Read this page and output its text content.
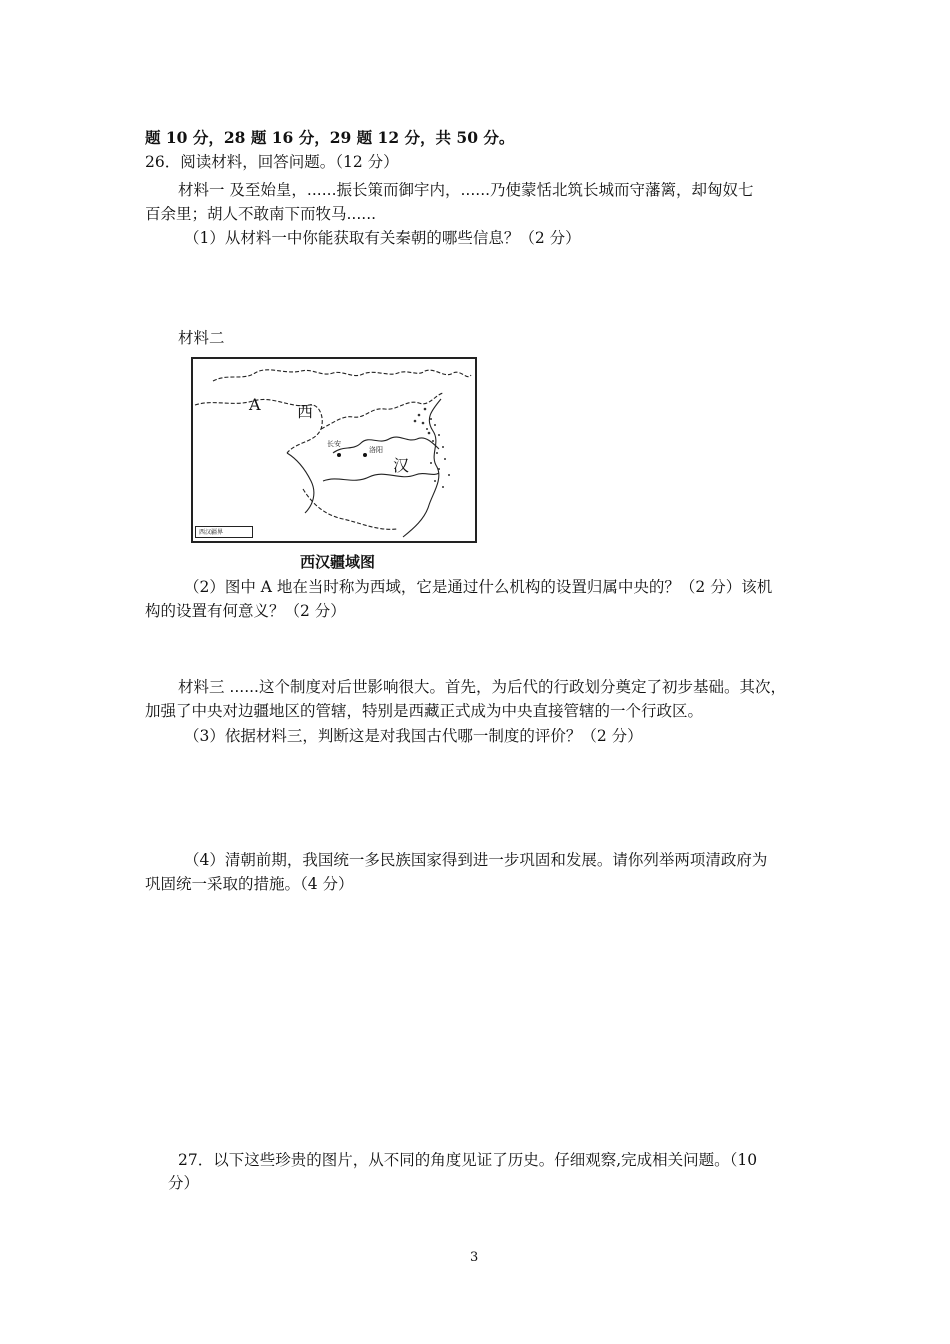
题 10 分，28 题 16 分，29 题 12 分，共 50 分。
26．阅读材料，回答问题。（12 分）
材料一 及至始皇，......振长策而御宇内，......乃使蒙恬北筑长城而守藩篱，却匈奴七
百余里；胡人不敢南下而牧马......
（1）从材料一中你能获取有关秦朝的哪些信息？（2 分）
材料二
A 西
汉
长安
洛阳
西汉疆界
西汉疆域图
（2）图中 A 地在当时称为西域，它是通过什么机构的设置归属中央的？（2 分）该机
构的设置有何意义？（2 分）
材料三 ......这个制度对后世影响很大。首先，为后代的行政划分奠定了初步基础。其次，
加强了中央对边疆地区的管辖，特别是西藏正式成为中央直接管辖的一个行政区。
（3）依据材料三，判断这是对我国古代哪一制度的评价？（2 分）
（4）清朝前期，我国统一多民族国家得到进一步巩固和发展。请你列举两项清政府为
巩固统一采取的措施。（4 分）
27．以下这些珍贵的图片，从不同的角度见证了历史。仔细观察,完成相关问题。（10
分）
3
